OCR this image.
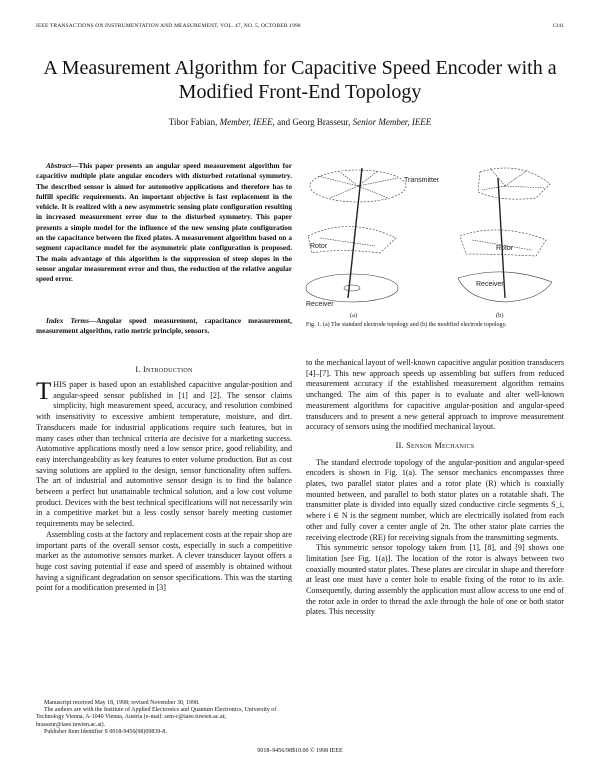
IEEE TRANSACTIONS ON INSTRUMENTATION AND MEASUREMENT, VOL. 47, NO. 5, OCTOBER 1998	1341
A Measurement Algorithm for Capacitive Speed Encoder with a Modified Front-End Topology
Tibor Fabian, Member, IEEE, and Georg Brasseur, Senior Member, IEEE
Abstract—This paper presents an angular speed measurement algorithm for capacitive multiple plate angular encoders with disturbed rotational symmetry. The described sensor is aimed for automotive applications and therefore has to fulfill specific requirements. An important objective is fast replacement in the vehicle. It is realized with a new asymmetric sensing plate configuration resulting in increased measurement error due to the disturbed symmetry. This paper presents a simple model for the influence of the new sensing plate configuration on the capacitance between the fixed plates. A measurement algorithm based on a segment capacitance model for the asymmetric plate configuration is proposed. The main advantage of this algorithm is the suppression of steep slopes in the sensor angular measurement error and thus, the reduction of the relative angular speed error.
Index Terms—Angular speed measurement, capacitance measurement, measurement algorithm, ratio metric principle, sensors.
I. Introduction

THIS paper is based upon an established capacitive angular-position and angular-speed sensor published in [1] and [2]. The sensor claims simplicity, high measurement speed, accuracy, and resolution combined with insensitivity to excessive ambient temperature, moisture, and dirt. Transducers made for industrial applications require such features, but in many cases other than technical criteria are decisive for a marketing success. Automotive applications mostly need a low sensor price, good reliability, and easy interchangeability as key features to enter volume production. But as cost saving solutions are applied to the design, sensor functionality often suffers. The art of industrial and automotive sensor design is to find the balance between a perfect but unattainable technical solution, and a low cost volume product. Devices with the best technical specifications will not necessarily win in a competitive market but a less costly sensor barely meeting customer requirements may be selected.

Assembling costs at the factory and replacement costs at the repair shop are important parts of the overall sensor costs, especially in such a competitive market as the automotive sensors market. A clever transducer layout offers a huge cost saving potential if ease and speed of assembly is obtained without having a significant degradation on sensor specifications. This was the starting point for a modification presented in [3]

Manuscript received May 18, 1998; revised November 30, 1998.

The authors are with the Institute of Applied Electronics and Quantum Electronics, University of Technology Vienna, A-1040 Vienna, Austria (e-mail: sem-c@iaee.tuwien.ac.at; brasseur@iaee.tuwien.ac.at).

Publisher Item Identifier S 0018-9456(98)09839-8.

Transmitter
Rotor
Receiver
Rotor
Receiver
(a)	(b)
Fig. 1. (a) The standard electrode topology and (b) the modified electrode topology.

to the mechanical layout of well-known capacitive angular position transducers [4]–[7]. This new approach speeds up assembling but suffers from reduced measurement accuracy if the established measurement algorithm remains unchanged. The aim of this paper is to evaluate and alter well-known measurement algorithms for capacitive angular-position and angular-speed transducers and to present a new general approach to improve measurement accuracy of sensors using the modified mechanical layout.

II. Sensor Mechanics

The standard electrode topology of the angular-position and angular-speed encoders is shown in Fig. 1(a). The sensor mechanics encompasses three plates, two parallel stator plates and a rotor plate (R) which is coaxially mounted between, and parallel to both stator plates on a rotatable shaft. The transmitter plate is divided into equally sized conductive circle segments S_i, where i ∈ N is the segment number, which are electrically isolated from each other and fully cover a center angle of 2π. The other stator plate carries the receiving electrode (RE) for receiving signals from the transmitting segments.

This symmetric sensor topology taken from [1], [8], and [9] shows one limitation [see Fig. 1(a)]. The location of the rotor is always between two coaxially mounted stator plates. These plates are circular in shape and therefore at least one must have a center hole to enable fixing of the rotor to its axle. Consequently, during assembly the application must allow access to one end of the rotor axle in order to thread the axle through the hole of one or both stator plates. This necessity

0018–9456/98$10.00 © 1998 IEEE
